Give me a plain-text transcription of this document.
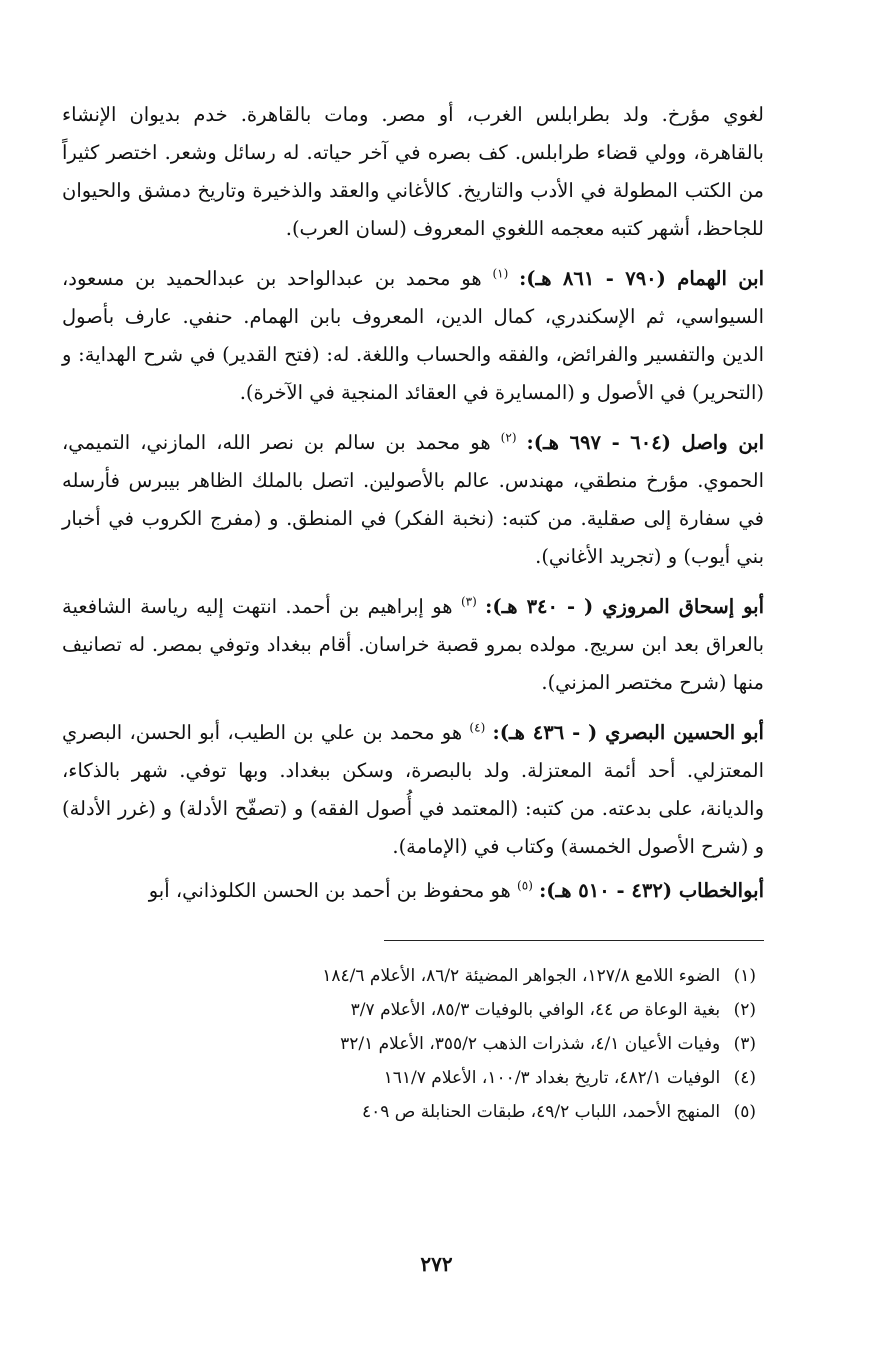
لغوي مؤرخ. ولد بطرابلس الغرب، أو مصر. ومات بالقاهرة. خدم بديوان الإنشاء بالقاهرة، وولي قضاء طرابلس. كف بصره في آخر حياته. له رسائل وشعر. اختصر كثيراً من الكتب المطولة في الأدب والتاريخ. كالأغاني والعقد والذخيرة وتاريخ دمشق والحيوان للجاحظ، أشهر كتبه معجمه اللغوي المعروف (لسان العرب).

ابن الهمام (٧٩٠ - ٨٦١ هـ): $^{(١)}$ هو محمد بن عبدالواحد بن عبدالحميد بن مسعود، السيواسي، ثم الإسكندري، كمال الدين، المعروف بابن الهمام. حنفي. عارف بأصول الدين والتفسير والفرائض، والفقه والحساب واللغة. له: (فتح القدير) في شرح الهداية: و (التحرير) في الأصول و (المسايرة في العقائد المنجية في الآخرة).

ابن واصل (٦٠٤ - ٦٩٧ هـ): $^{(٢)}$ هو محمد بن سالم بن نصر الله، المازني، التميمي، الحموي. مؤرخ منطقي، مهندس. عالم بالأصولين. اتصل بالملك الظاهر بيبرس فأرسله في سفارة إلى صقلية. من كتبه: (نخبة الفكر) في المنطق. و (مفرج الكروب في أخبار بني أيوب) و (تجريد الأغاني).

أبو إسحاق المروزي ( - ٣٤٠ هـ): $^{(٣)}$ هو إبراهيم بن أحمد. انتهت إليه رياسة الشافعية بالعراق بعد ابن سريج. مولده بمرو قصبة خراسان. أقام ببغداد وتوفي بمصر. له تصانيف منها (شرح مختصر المزني).

أبو الحسين البصري ( - ٤٣٦ هـ): $^{(٤)}$ هو محمد بن علي بن الطيب، أبو الحسن، البصري المعتزلي. أحد أئمة المعتزلة. ولد بالبصرة، وسكن ببغداد. وبها توفي. شهر بالذكاء، والديانة، على بدعته. من كتبه: (المعتمد في أُصول الفقه) و (تصفّح الأدلة) و (غرر الأدلة) و (شرح الأصول الخمسة) وكتاب في (الإمامة).

أبوالخطاب (٤٣٢ - ٥١٠ هـ): $^{(٥)}$ هو محفوظ بن أحمد بن الحسن الكلوذاني، أبو

(١) الضوء اللامع ١٢٧/٨، الجواهر المضيئة ٨٦/٢، الأعلام ١٨٤/٦
(٢) بغية الوعاة ص ٤٤، الوافي بالوفيات ٨٥/٣، الأعلام ٣/٧
(٣) وفيات الأعيان ٤/١، شذرات الذهب ٣٥٥/٢، الأعلام ٣٢/١
(٤) الوفيات ٤٨٢/١، تاريخ بغداد ١٠٠/٣، الأعلام ١٦١/٧
(٥) المنهج الأحمد، اللباب ٤٩/٢، طبقات الحنابلة ص ٤٠٩
٢٧٢
